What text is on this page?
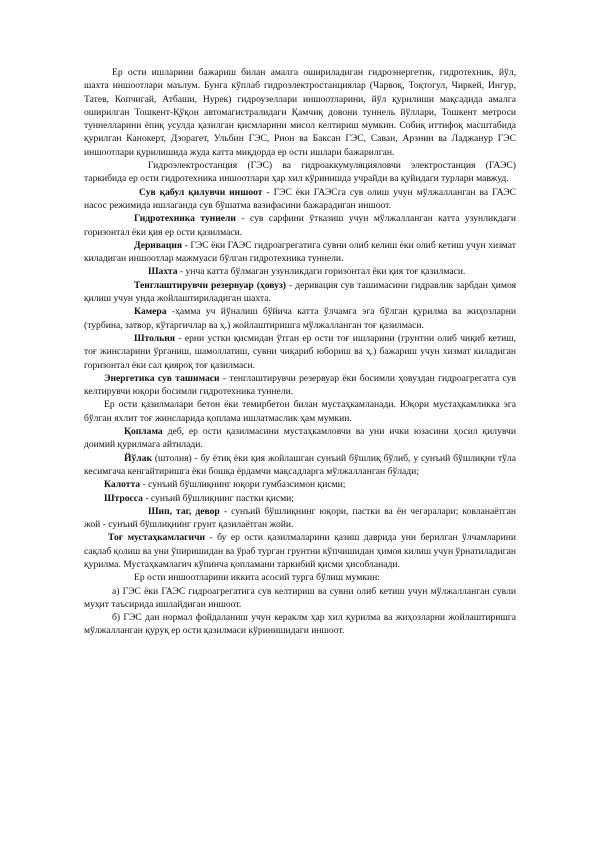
Ер ости ишларини бажариш билан амалга ошириладиган гидроэнергетик, гидротехник, йўл, шахта иншоотлари маълум. Бунга кўплаб гидроэлектростанциялар (Чарвоқ, Тоқтогул, Чиркей, Ингур, Татев, Копчигай, Атбаши, Нурек) гидроузеллари иншоотларини, йўл қурилиши мақсадида амалга оширилган Тошкент-Қўқон автомагистралидаги Қамчиқ довони туннель йўллари, Тошкент метроси туннелларини ёпиқ усулда қазилган қисмларини мисол келтириш мумкин. Собиқ иттифоқ масштабида қурилган Канокерт, Дзорагет, Ульбин ГЭС, Рион ва Баксан ГЭС, Саван, Арзнин ва Ладжанур ГЭС иншоотлари қурилишида жуда катта миқдорда ер ости ишлари бажарилган.

Гидроэлектростанция (ГЭС) ва гидроаккумуляцияловчи электростанция (ГАЭС) таркибида ер ости гидротехника иншоотлари ҳар хил кўринишда учрайди ва қуйидаги турлари мавжуд.

Сув қабул қилувчи иншоот - ГЭС ёки ГАЭСга сув олиш учун мўлжалланган ва ГАЭС насос режимида ишлаганда сув бўшатма вазифасини бажарадиган иншоот.

Гидротехника туннели - сув сарфини ўтказиш учун мўлжалланган катта узунликдаги горизонтал ёки қия ер ости қазилмаси.

Деривация - ГЭС ёки ГАЭС гидроагрегатига сувни олиб келиш ёки олиб кетиш учун хизмат киладиган иншоотлар мажмуаси бўлган гидротехника туннели.

Шахта - унча катта бўлмаган узунликдаги горизонтал ёки қия тоғ қазилмаси.

Тенглаштирувчи резервуар (ҳовуз) - деривация сув ташимасини гидравлик зарбдан ҳимоя қилиш учун унда жойлаштириладиган шахта.

Камера -ҳамма уч йўналиш бўйича катта ўлчамга эга бўлган қурилма ва жиҳозларни (турбина, затвор, кўтаргичлар ва ҳ.) жойлаштиришга мўлжалланган тоғ қазилмаси.

Штольня - ерни устки қисмидан ўтган ер ости тоғ ишларини (грунтни олиб чиқиб кетиш, тоғ жинсларини ўрганиш, шамоллатиш, сувни чиқариб юбориш ва ҳ.) бажариш учун хизмат киладиган горизонтал ёки сал қияроқ тоғ қазилмаси.

Энергетика сув ташимаси - тенглаштирувчи резервуар ёки босимли ҳовуздан гидроагрегатга сув келтирувчи юқори босимли гидротехника туннели.

Ер ости қазилмалари бетон ёки темирбетон билан мустаҳкамланади. Юқори мустаҳкамликка эга бўлган яхлит тоғ жинсларида қоплама ишлатмаслик ҳам мумкин.

Қоплама деб, ер ости қазилмасини мустаҳкамловчи ва уни ички юзасини ҳосил қилувчи доимий қурилмага айтилади.

Йўлак (штолня) - бу ётиқ ёки қия жойлашган сунъий бўшлиқ бўлиб, у сунъий бўшлиқни тўла кесимгача кенгайтиришга ёки бошқа ёрдамчи мақсадларга мўлжалланган бўлади;

Калотта - сунъий бўшлиқнинг юқори гумбазсимон қисми;

Штросса - сунъий бўшлиқнинг пастки қисми;

Шип, таг, девор - сунъий бўшлиқнинг юқори, пастки ва ён чегаралари; ковланаётган жой - сунъий бўшлиқнинг грунт қазилаётган жойи.

Тоғ мустаҳкамлагичи - бу ер ости қазилмаларини қазиш даврида уни берилган ўлчамларини сақлаб қолиш ва уни ўпиришидан ва ўраб турган грунтни кўпчишидан ҳимоя килиш учун ўрнатиладиган қурилма. Мустаҳкамлагич кўпинча қопламани таркибий қисми ҳисобланади.

Ер ости иншоотларини иккита асосий турга бўлиш мумкин:

а) ГЭС ёки ГАЭС гидроагрегатига сув келтириш ва сувни олиб кетиш учун мўлжалланган сувли муҳит таъсирида ишлайдиган иншоот.

б) ГЭС дан нормал фойдаланиш учун кераклм ҳар хил қурилма ва жиҳозларни жойлаштиришга мўлжалланган қуруқ ер ости қазилмаси кўринишидаги иншоот.
